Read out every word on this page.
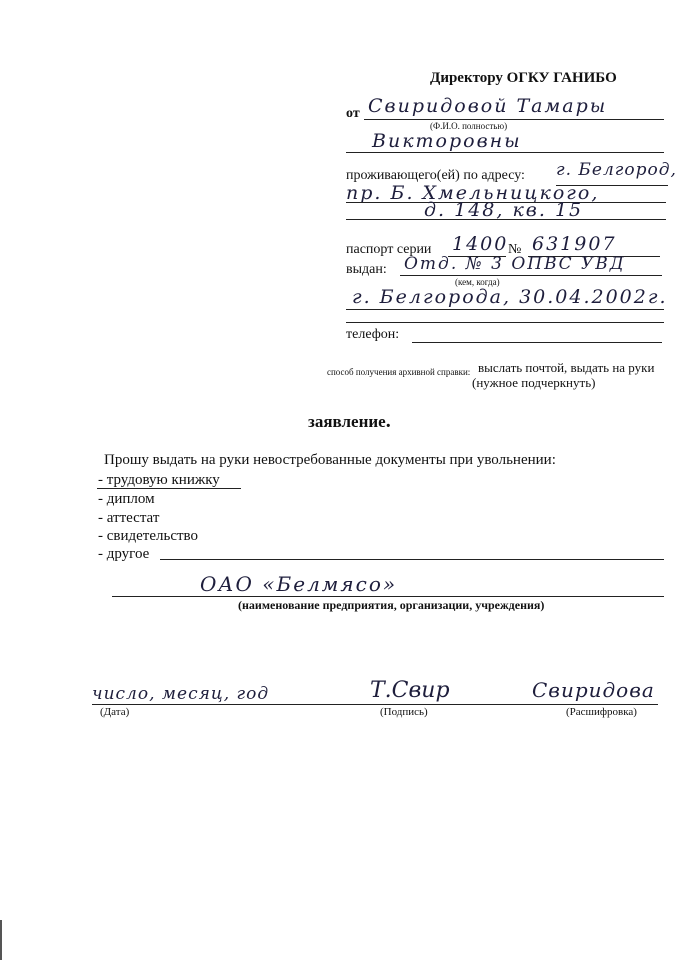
Директору ОГКУ ГАНИБО
от Свиридовой Тамары
(Ф.И.О. полностью)
Викторовны
проживающего(ей) по адресу: г. Белгород,
пр. Б. Хмельницкого,
д. 148, кв. 15
паспорт серии 1400 № 631907
выдан: Отд. № 3 ОПВС УВД
(кем, когда)
г. Белгорода, 30.04.2002г.
телефон:
способ получения архивной справки: выслать почтой, выдать на руки
(нужное подчеркнуть)
заявление.
Прошу выдать на руки невостребованные документы при увольнении:
- трудовую книжку
- диплом
- аттестат
- свидетельство
- другое
ОАО «Белмясо»
(наименование предприятия, организации, учреждения)
число, месяц, год
(Дата)
Т.Свир
(Подпись)
Свиридова
(Расшифровка)
